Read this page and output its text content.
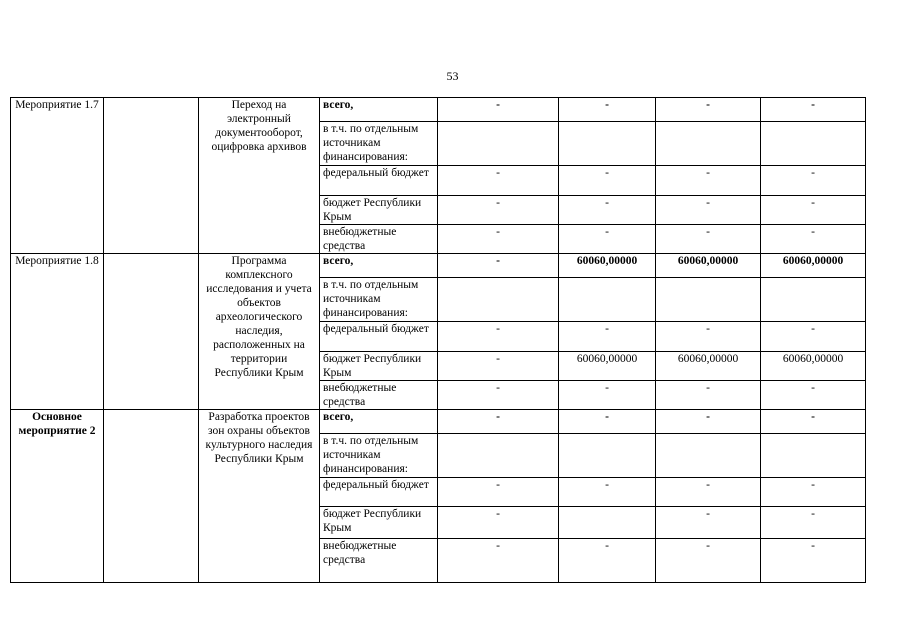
53
Мероприятие 1.7		Переход на электронный документооборот, оцифровка архивов	всего,	-	-	-	-
			в т.ч. по отдельным источникам финансирования:				
			федеральный бюджет	-	-	-	-
			бюджет Республики Крым	-	-	-	-
			внебюджетные средства	-	-	-	-
Мероприятие 1.8		Программа комплексного исследования и учета объектов археологического наследия, расположенных на территории Республики Крым	всего,	-	60060,00000	60060,00000	60060,00000
			в т.ч. по отдельным источникам финансирования:				
			федеральный бюджет	-	-	-	-
			бюджет Республики Крым	-	60060,00000	60060,00000	60060,00000
			внебюджетные средства	-	-	-	-
Основное мероприятие 2		Разработка проектов зон охраны объектов культурного наследия Республики Крым	всего,	-	-	-	-
			в т.ч. по отдельным источникам финансирования:				
			федеральный бюджет	-	-	-	-
			бюджет Республики Крым	-		-	-
			внебюджетные средства	-	-	-	-
